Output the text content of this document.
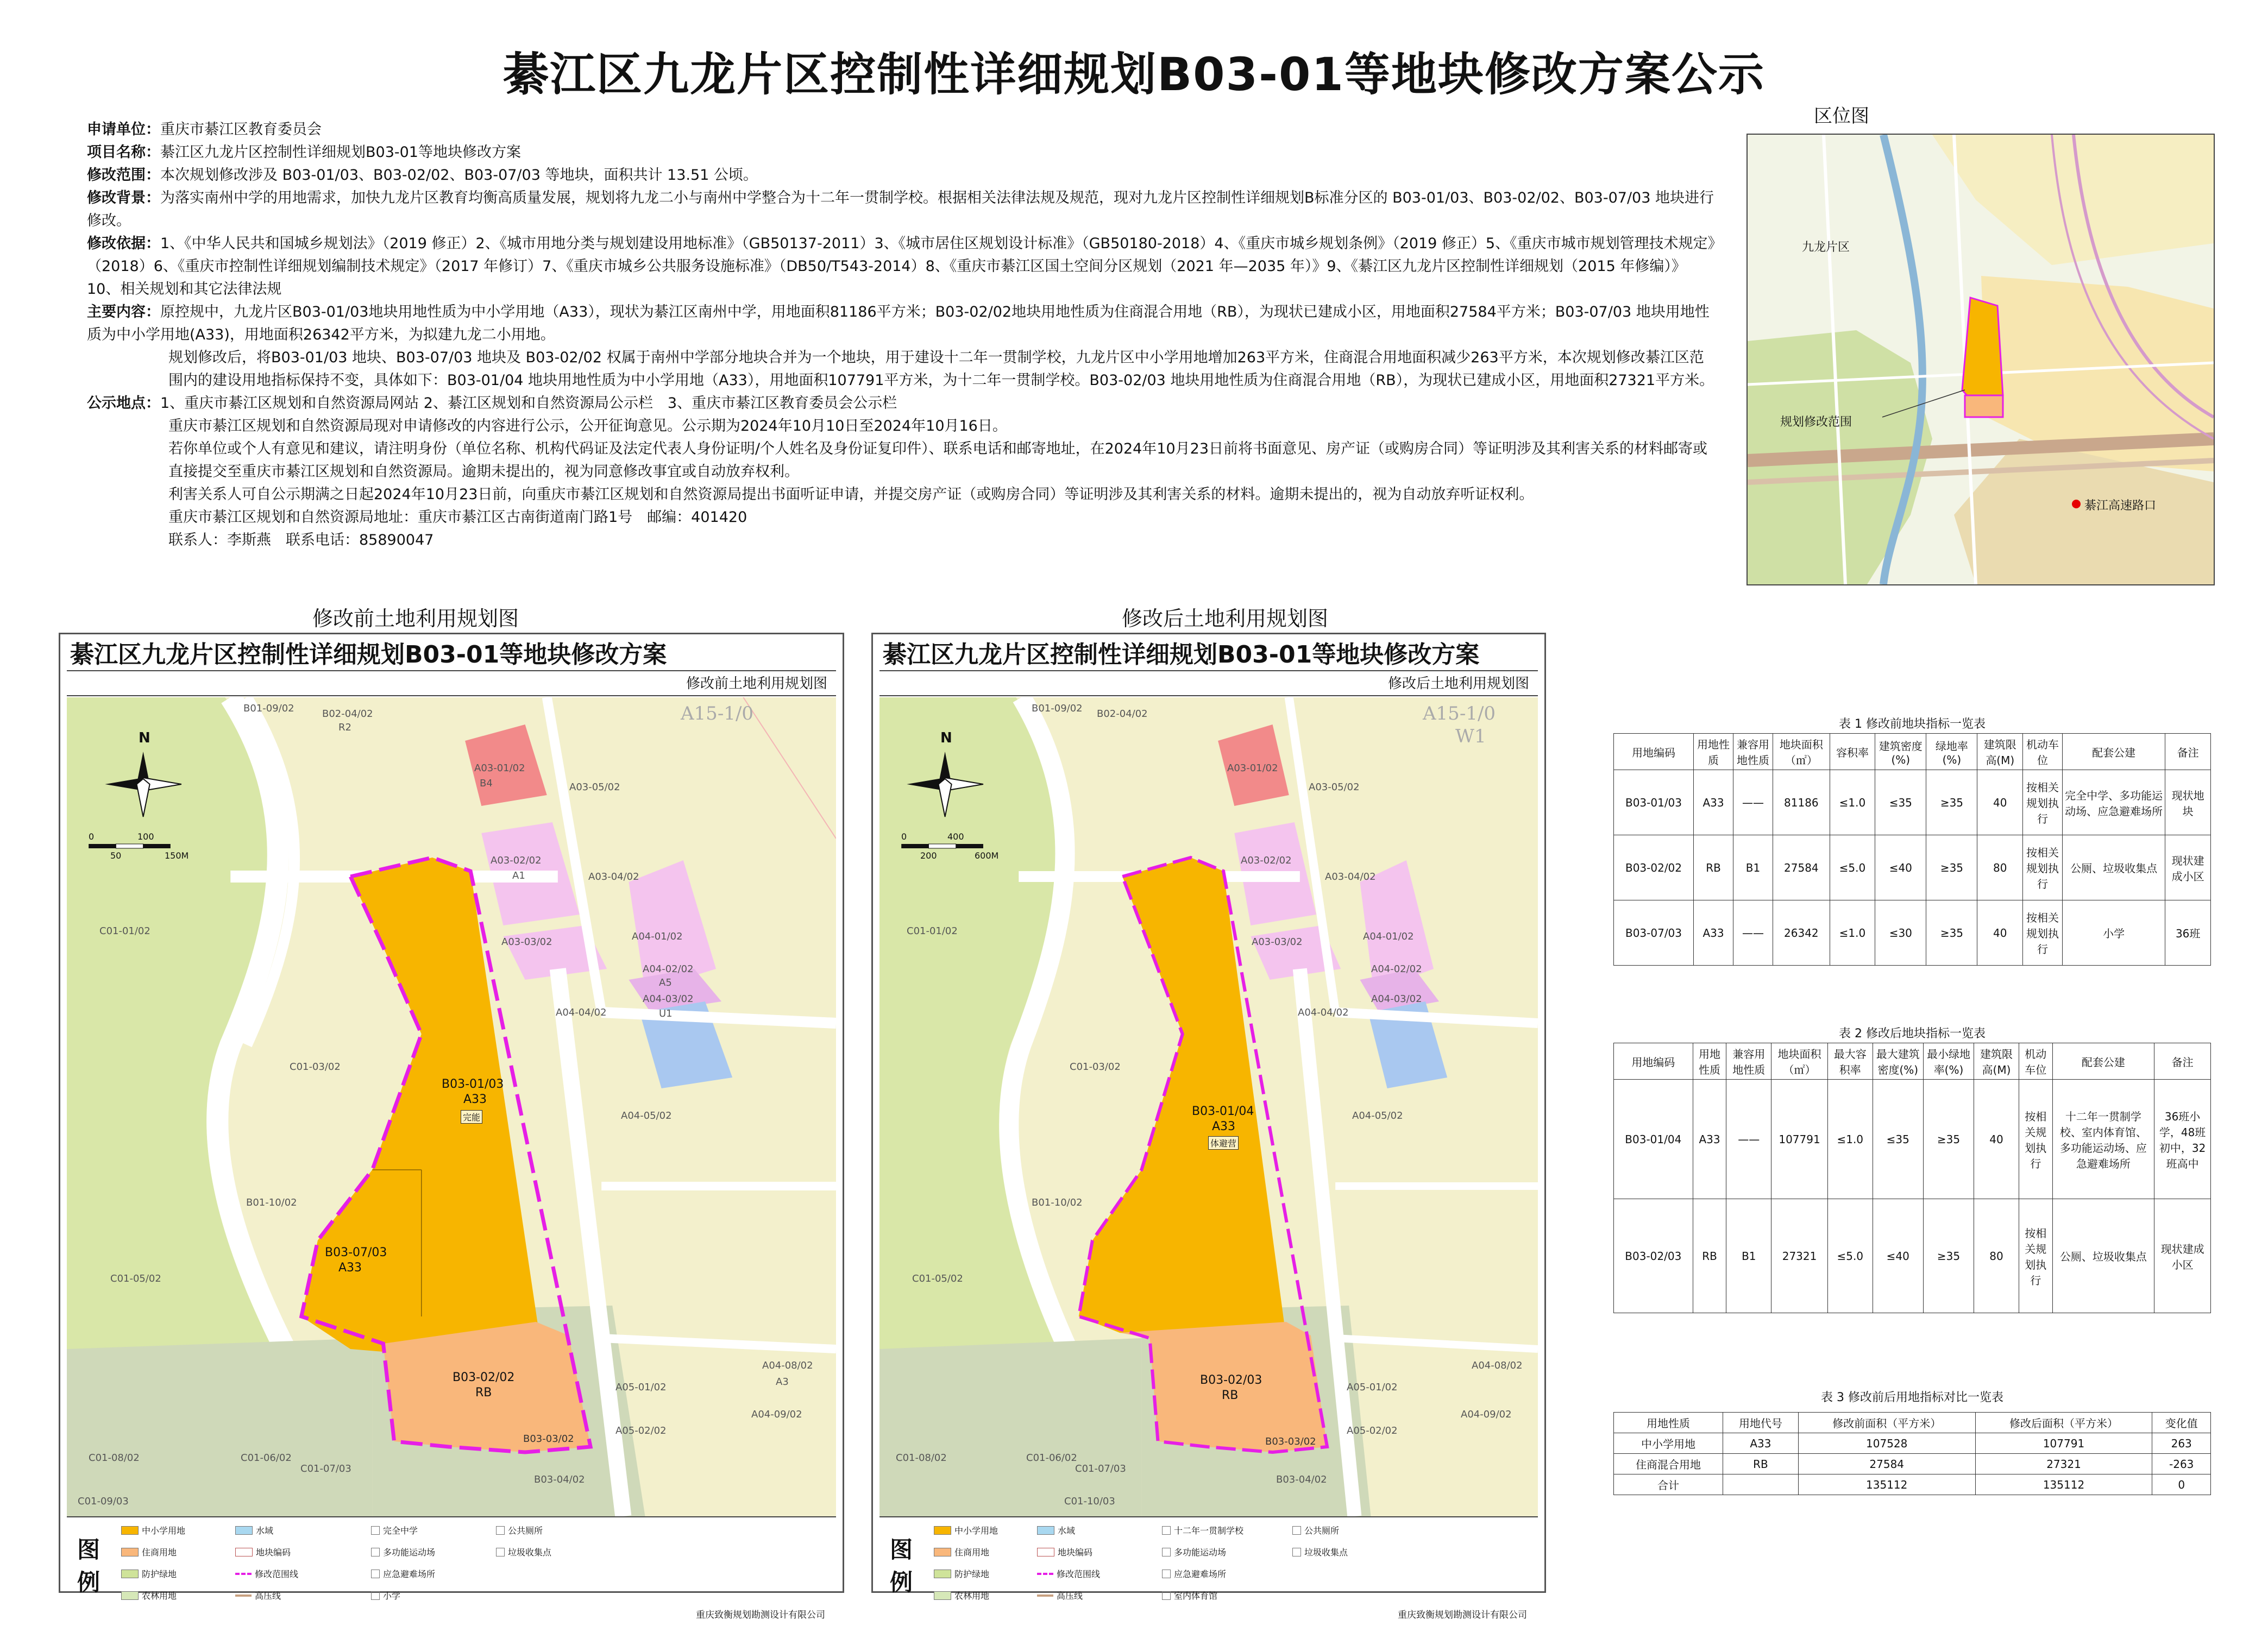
綦江区九龙片区控制性详细规划B03-01等地块修改方案公示

申请单位：重庆市綦江区教育委员会

项目名称：綦江区九龙片区控制性详细规划B03-01等地块修改方案

修改范围：本次规划修改涉及 B03-01/03、B03-02/02、B03-07/03 等地块，面积共计 13.51 公顷。

修改背景：为落实南州中学的用地需求，加快九龙片区教育均衡高质量发展，规划将九龙二小与南州中学整合为十二年一贯制学校。根据相关法律法规及规范，现对九龙片区控制性详细规划B标准分区的 B03-01/03、B03-02/02、B03-07/03 地块进行修改。

修改依据：1、《中华人民共和国城乡规划法》（2019 修正）2、《城市用地分类与规划建设用地标准》（GB50137-2011）3、《城市居住区规划设计标准》（GB50180-2018）4、《重庆市城乡规划条例》（2019 修正）5、《重庆市城市规划管理技术规定》（2018）6、《重庆市控制性详细规划编制技术规定》（2017 年修订）7、《重庆市城乡公共服务设施标准》（DB50/T543-2014）8、《重庆市綦江区国土空间分区规划（2021 年—2035 年）》9、《綦江区九龙片区控制性详细规划（2015 年修编）》10、相关规划和其它法律法规

主要内容：原控规中，九龙片区B03-01/03地块用地性质为中小学用地（A33），现状为綦江区南州中学，用地面积81186平方米；B03-02/02地块用地性质为住商混合用地（RB），为现状已建成小区，用地面积27584平方米；B03-07/03 地块用地性质为中小学用地(A33)，用地面积26342平方米，为拟建九龙二小用地。

规划修改后，将B03-01/03 地块、B03-07/03 地块及 B03-02/02 权属于南州中学部分地块合并为一个地块，用于建设十二年一贯制学校，九龙片区中小学用地增加263平方米，住商混合用地面积减少263平方米，本次规划修改綦江区范围内的建设用地指标保持不变，具体如下：B03-01/04 地块用地性质为中小学用地（A33），用地面积107791平方米，为十二年一贯制学校。B03-02/03 地块用地性质为住商混合用地（RB），为现状已建成小区，用地面积27321平方米。

公示地点：1、重庆市綦江区规划和自然资源局网站 2、綦江区规划和自然资源局公示栏　3、重庆市綦江区教育委员会公示栏

重庆市綦江区规划和自然资源局现对申请修改的内容进行公示，公开征询意见。公示期为2024年10月10日至2024年10月16日。

若你单位或个人有意见和建议，请注明身份（单位名称、机构代码证及法定代表人身份证明/个人姓名及身份证复印件）、联系电话和邮寄地址，在2024年10月23日前将书面意见、房产证（或购房合同）等证明涉及其利害关系的材料邮寄或直接提交至重庆市綦江区规划和自然资源局。逾期未提出的，视为同意修改事宜或自动放弃权利。

利害关系人可自公示期满之日起2024年10月23日前，向重庆市綦江区规划和自然资源局提出书面听证申请，并提交房产证（或购房合同）等证明涉及其利害关系的材料。逾期未提出的，视为自动放弃听证权利。

重庆市綦江区规划和自然资源局地址：重庆市綦江区古南街道南门路1号　邮编：401420

联系人：李斯燕　联系电话：85890047

区位图
九龙片区
规划修改范围
綦江高速路口
修改前土地利用规划图	修改后土地利用规划图
綦江区九龙片区控制性详细规划B03-01等地块修改方案
修改前土地利用规划图
N
0
50
100
150M
B03-01/03
A33
完能
B03-07/03
A33
B03-02/02
RB
B01-09/02	B02-04/02
R2
A03-01/02
B4	A03-05/02
A03-02/02
A1	A03-04/02
A03-03/02	A04-01/02
A04-02/02
A5
A04-03/02
U1
A04-04/02
A04-05/02
C01-01/02
C01-03/02
B01-10/02
C01-05/02
A05-01/02
A04-08/02
A3
A05-02/02
A04-09/02
C01-08/02	C01-06/02
C01-07/03
C01-09/03
B03-03/02
B03-04/02
A15-1/0
图例
中小学用地
住商用地
防护绿地
农林用地
水域
地块编码
修改范围线
高压线
完全中学
多功能运动场
应急避难场所
小学
公共厕所
垃圾收集点
重庆致衡规划勘测设计有限公司
綦江区九龙片区控制性详细规划B03-01等地块修改方案
修改后土地利用规划图
N
0
200
400
600M
B03-01/04
A33
体避营
B03-02/03
RB
B01-09/02 B02-04/02
A03-01/02
A03-05/02
A03-02/02
A03-04/02
A03-03/02	A04-01/02
A04-02/02
A04-03/02
A04-04/02
A04-05/02
C01-01/02
C01-03/02
B01-10/02
C01-05/02
A05-01/02
A04-08/02
A05-02/02
A04-09/02
C01-08/02	C01-06/02
C01-07/03
C01-10/03
B03-03/02
B03-04/02
A15-1/0
W1
图例
中小学用地
住商用地
防护绿地
农林用地
水域
地块编码
修改范围线
高压线
十二年一贯制学校
多功能运动场
应急避难场所
室内体育馆
公共厕所
垃圾收集点
重庆致衡规划勘测设计有限公司
表 1 修改前地块指标一览表
用地编码	用地性质	兼容用地性质	地块面积（㎡）	容积率	建筑密度(%)	绿地率(%)	建筑限高(M)	机动车位	配套公建	备注
B03-01/03	A33	——	81186	≤1.0	≤35	≥35	40	按相关规划执行	完全中学、多功能运动场、应急避难场所	现状地块
B03-02/02	RB	B1	27584	≤5.0	≤40	≥35	80	按相关规划执行	公厕、垃圾收集点	现状建成小区
B03-07/03	A33	——	26342	≤1.0	≤30	≥35	40	按相关规划执行	小学	36班
表 2 修改后地块指标一览表
用地编码	用地性质	兼容用地性质	地块面积（㎡）	最大容积率	最大建筑密度(%)	最小绿地率(%)	建筑限高(M)	机动车位	配套公建	备注
B03-01/04	A33	——	107791	≤1.0	≤35	≥35	40	按相关规划执行	十二年一贯制学校、室内体育馆、多功能运动场、应急避难场所	36班小学，48班初中，32班高中
B03-02/03	RB	B1	27321	≤5.0	≤40	≥35	80	按相关规划执行	公厕、垃圾收集点	现状建成小区
表 3 修改前后用地指标对比一览表
用地性质	用地代号	修改前面积（平方米）	修改后面积（平方米）	变化值
中小学用地	A33	107528	107791	263
住商混合用地	RB	27584	27321	-263
合计		135112	135112	0
